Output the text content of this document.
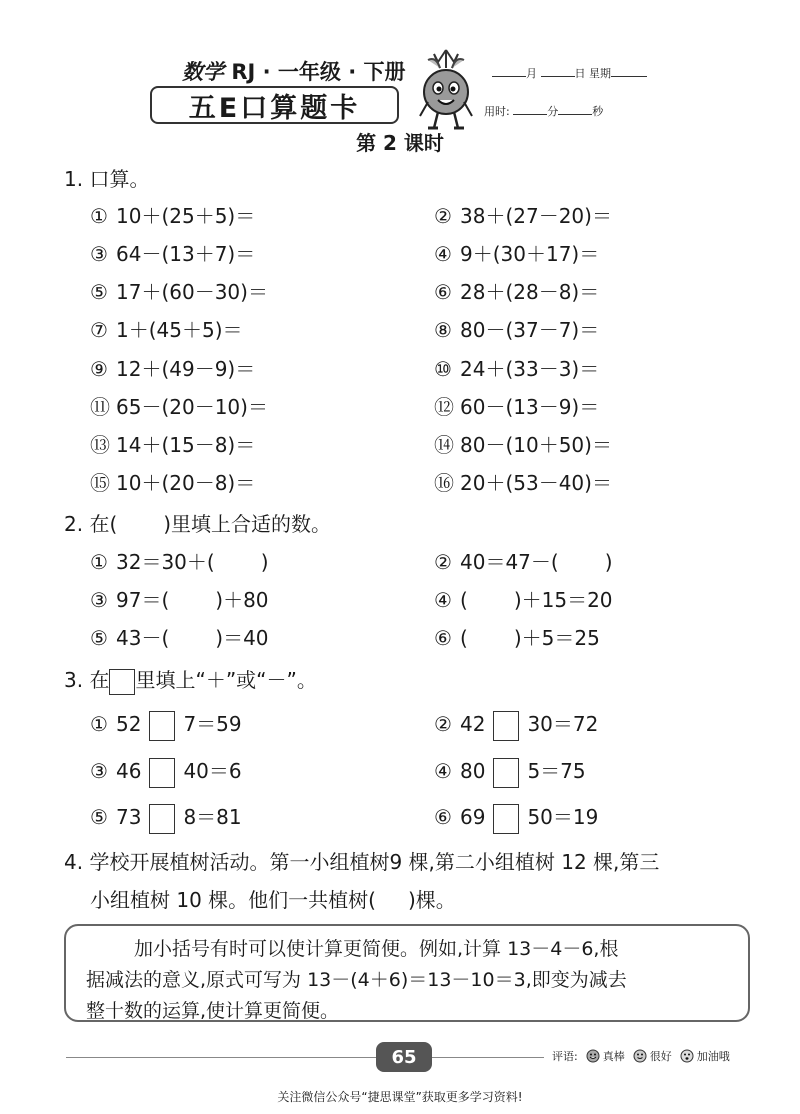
数学 RJ · 一年级 · 下册
五E口算题卡
月	日 星期
用时:	分	秒
第 2 课时
1. 口算。
① 10＋(25＋5)＝	② 38＋(27－20)＝
③ 64－(13＋7)＝	④ 9＋(30＋17)＝
⑤ 17＋(60－30)＝	⑥ 28＋(28－8)＝
⑦ 1＋(45＋5)＝	⑧ 80－(37－7)＝
⑨ 12＋(49－9)＝	⑩ 24＋(33－3)＝
⑪ 65－(20－10)＝	⑫ 60－(13－9)＝
⑬ 14＋(15－8)＝	⑭ 80－(10＋50)＝
⑮ 10＋(20－8)＝	⑯ 20＋(53－40)＝
2. 在( )里填上合适的数。
① 32＝30＋( )	② 40＝47－( )
③ 97＝( )＋80	④ ( )＋15＝20
⑤ 43－( )＝40	⑥ ( )＋5＝25
3. 在 里填上“＋”或“－”。
① 52 7＝59	② 42 30＝72
③ 46 40＝6	④ 80 5＝75
⑤ 73 8＝81	⑥ 69 50＝19
4. 学校开展植树活动。第一小组植树9 棵,第二小组植树 12 棵,第三
小组植树 10 棵。他们一共植树( )棵。
加小括号有时可以使计算更简便。例如,计算 13－4－6,根
据减法的意义,原式可写为 13－(4＋6)＝13－10＝3,即变为减去
整十数的运算,使计算更简便。
65	评语: 真棒 很好 加油哦
关注微信公众号“捷思课堂”获取更多学习资料!
